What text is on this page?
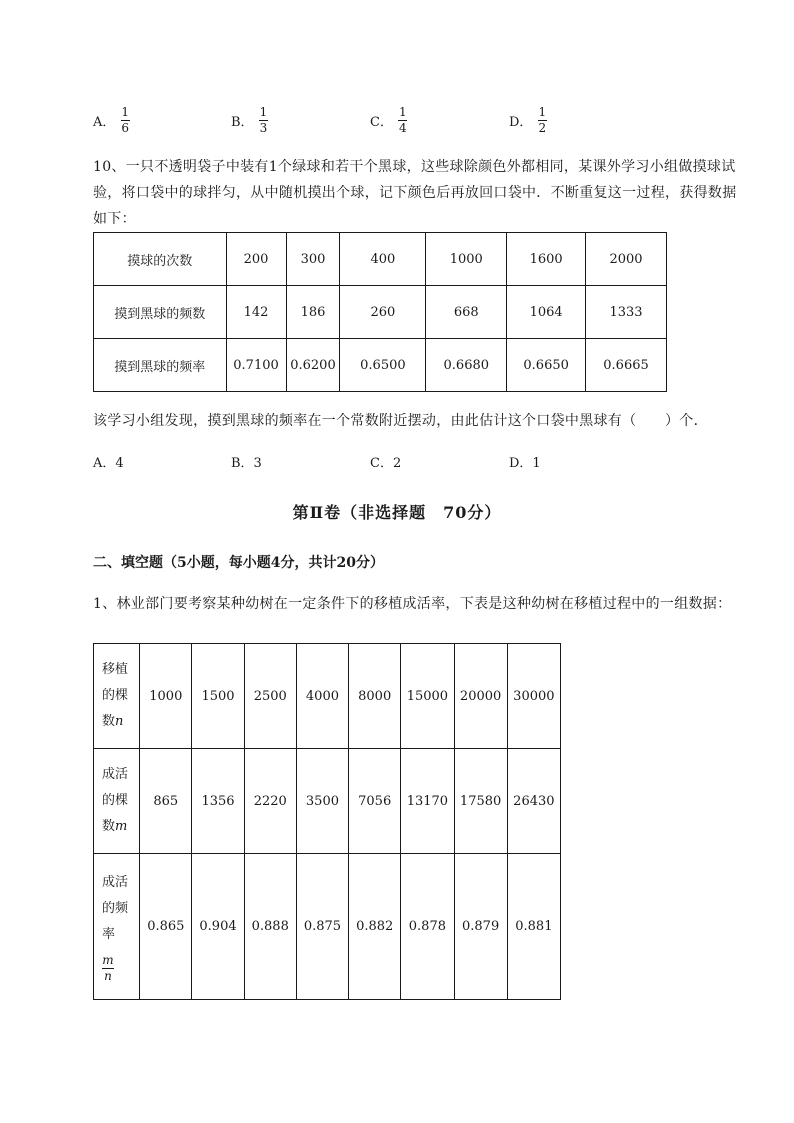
A． $\frac{1}{6}$	B． $\frac{1}{3}$	C． $\frac{1}{4}$	D． $\frac{1}{2}$
10、一只不透明袋子中装有1个绿球和若干个黑球，这些球除颜色外都相同，某课外学习小组做摸球试验，将口袋中的球拌匀，从中随机摸出个球，记下颜色后再放回口袋中．不断重复这一过程，获得数据如下：
摸球的次数	200	300	400	1000	1600	2000
摸到黑球的频数	142	186	260	668	1064	1333
摸到黑球的频率	0.7100	0.6200	0.6500	0.6680	0.6650	0.6665
该学习小组发现，摸到黑球的频率在一个常数附近摆动，由此估计这个口袋中黑球有（　　）个．
A．4	B．3	C．2	D．1
第Ⅱ卷（非选择题　70分）
二、填空题（5小题，每小题4分，共计20分）
1、林业部门要考察某种幼树在一定条件下的移植成活率，下表是这种幼树在移植过程中的一组数据：
移植
的棵
数n	1000	1500	2500	4000	8000	15000	20000	30000

成活
的棵
数m	865	1356	2220	3500	7056	13170	17580	26430

成活
的频
率
$\frac{m}{n}$	0.865	0.904	0.888	0.875	0.882	0.878	0.879	0.881
